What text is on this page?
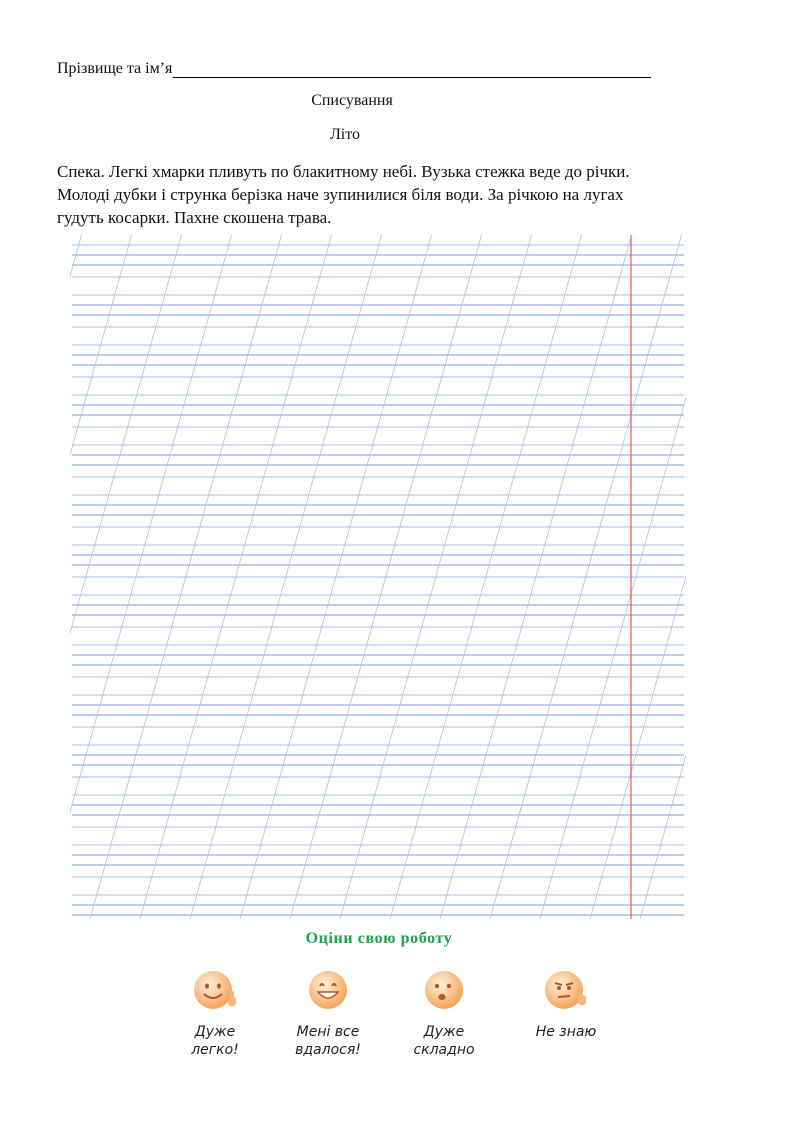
Прізвище та ім’я
Списування
Літо
Спека. Легкі хмарки пливуть по блакитному небі. Вузька стежка веде до річки.
Молоді дубки і струнка берізка наче зупинилися біля води. За річкою на лугах
гудуть косарки. Пахне скошена трава.
Оціни свою роботу
Дуже
легко!
Мені все
вдалося!
Дуже
складно
Не знаю
